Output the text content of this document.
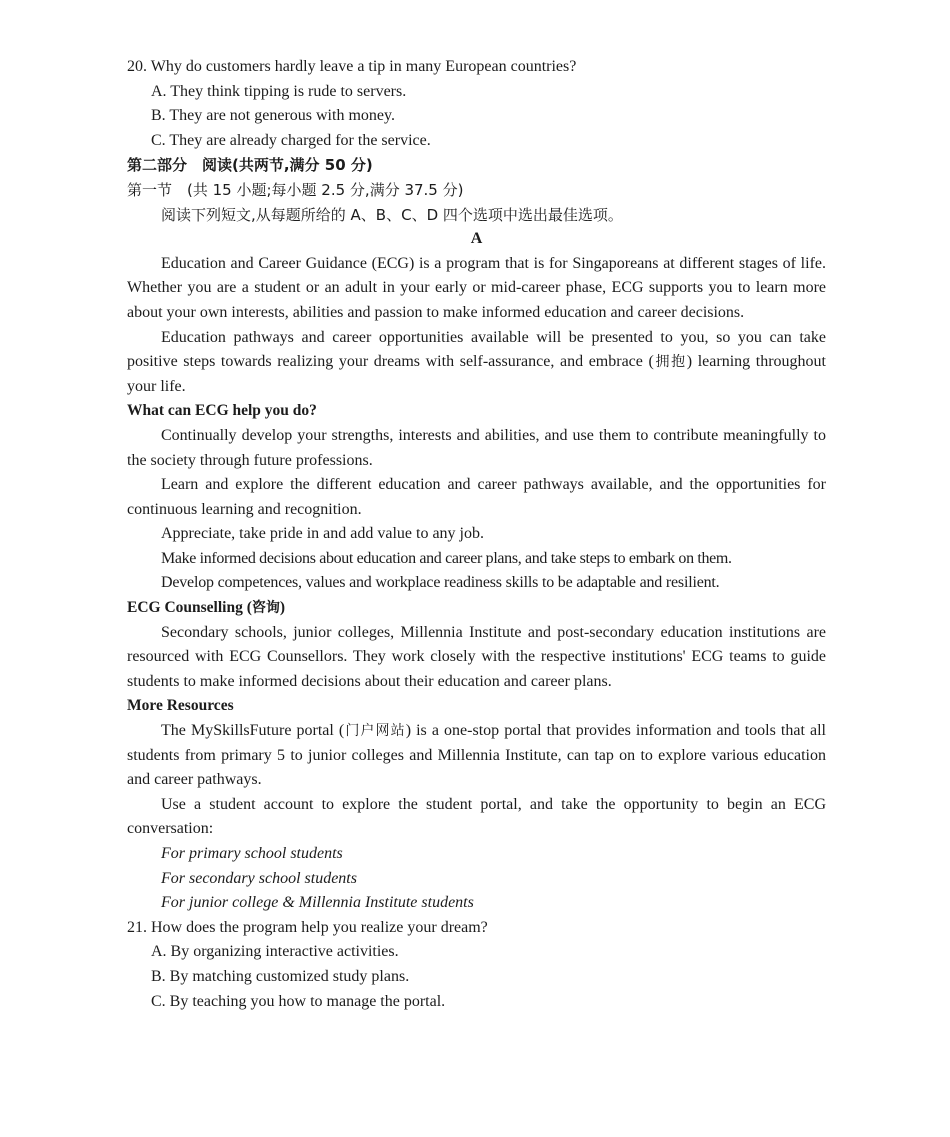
20. Why do customers hardly leave a tip in many European countries?

A. They think tipping is rude to servers.

B. They are not generous with money.

C. They are already charged for the service.

第二部分　阅读(共两节,满分 50 分)

第一节　(共 15 小题;每小题 2.5 分,满分 37.5 分)

阅读下列短文,从每题所给的 A、B、C、D 四个选项中选出最佳选项。

A

Education and Career Guidance (ECG) is a program that is for Singaporeans at different stages of life. Whether you are a student or an adult in your early or mid-career phase, ECG supports you to learn more about your own interests, abilities and passion to make informed education and career decisions.

Education pathways and career opportunities available will be presented to you, so you can take positive steps towards realizing your dreams with self-assurance, and embrace (拥抱) learning throughout your life.

What can ECG help you do?

Continually develop your strengths, interests and abilities, and use them to contribute meaningfully to the society through future professions.

Learn and explore the different education and career pathways available, and the opportunities for continuous learning and recognition.

Appreciate, take pride in and add value to any job.

Make informed decisions about education and career plans, and take steps to embark on them.

Develop competences, values and workplace readiness skills to be adaptable and resilient.

ECG Counselling (咨询)

Secondary schools, junior colleges, Millennia Institute and post-secondary education institutions are resourced with ECG Counsellors. They work closely with the respective institutions' ECG teams to guide students to make informed decisions about their education and career plans.

More Resources

The MySkillsFuture portal (门户网站) is a one-stop portal that provides information and tools that all students from primary 5 to junior colleges and Millennia Institute, can tap on to explore various education and career pathways.

Use a student account to explore the student portal, and take the opportunity to begin an ECG conversation:

For primary school students

For secondary school students

For junior college & Millennia Institute students

21. How does the program help you realize your dream?

A. By organizing interactive activities.

B. By matching customized study plans.

C. By teaching you how to manage the portal.
